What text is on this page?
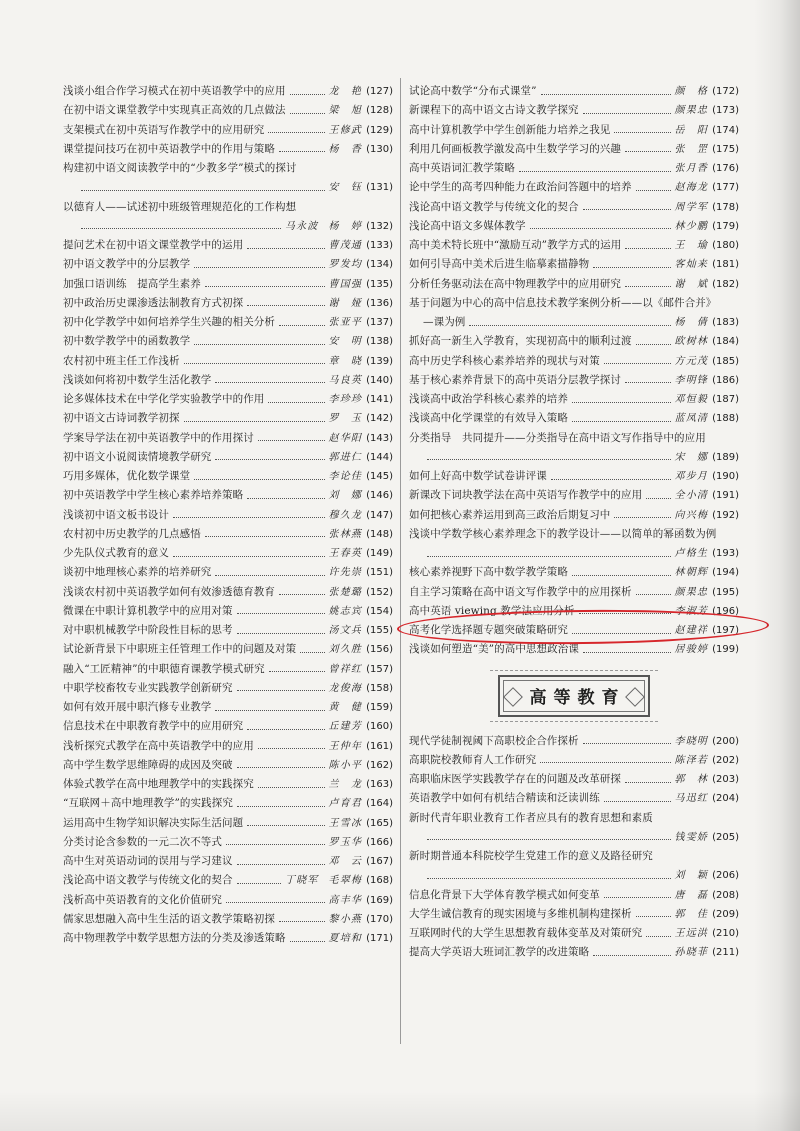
浅谈小组合作学习模式在初中英语教学中的应用	龙　艳 (127)
在初中语文课堂教学中实现真正高效的几点做法	梁　旭 (128)
支架模式在初中英语写作教学中的应用研究	王修武 (129)
课堂提问技巧在初中英语教学中的作用与策略	杨　香 (130)
构建初中语文阅读教学中的“少教多学”模式的探讨
安　钰 (131)
以德育人——试述初中班级管理规范化的工作构想
马永波 杨　婷 (132)
提问艺术在初中语文课堂教学中的运用	曹茂通 (133)
初中语文教学中的分层教学	罗发均 (134)
加强口语训练　提高学生素养	曹国强 (135)
初中政治历史课渗透法制教育方式初探	谢　娅 (136)
初中化学教学中如何培养学生兴趣的相关分析	张亚平 (137)
初中数学教学中的函数教学	安　明 (138)
农村初中班主任工作浅析	章　晓 (139)
浅谈如何将初中数学生活化教学	马良英 (140)
论多媒体技术在中学化学实验教学中的作用	李珍珍 (141)
初中语文古诗词教学初探	罗　玉 (142)
学案导学法在初中英语教学中的作用探讨	赵华阳 (143)
初中语文小说阅读情境教学研究	郭进仁 (144)
巧用多媒体，优化数学课堂	李论佳 (145)
初中英语教学中学生核心素养培养策略	刘　娜 (146)
浅谈初中语文板书设计	穆久龙 (147)
农村初中历史教学的几点感悟	张林燕 (148)
少先队仪式教育的意义	王春英 (149)
谈初中地理核心素养的培养研究	许先崇 (151)
浅谈农村初中英语教学如何有效渗透德育教育	张楚璐 (152)
微课在中职计算机教学中的应用对策	姚志宾 (154)
对中职机械教学中阶段性目标的思考	汤文兵 (155)
试论新背景下中职班主任管理工作中的问题及对策	刘久胜 (156)
融入“工匠精神”的中职德育课教学模式研究	曾祥红 (157)
中职学校畜牧专业实践教学创新研究	龙俊海 (158)
如何有效开展中职汽修专业教学	黄　健 (159)
信息技术在中职教育教学中的应用研究	丘建芳 (160)
浅析探究式教学在高中英语教学中的应用	王仲年 (161)
高中学生数学思维障碍的成因及突破	陈小平 (162)
体验式教学在高中地理教学中的实践探究	兰　龙 (163)
“互联网＋高中地理教学”的实践探究	卢育君 (164)
运用高中生物学知识解决实际生活问题	王雪冰 (165)
分类讨论含参数的一元二次不等式	罗玉华 (166)
高中生对英语动词的误用与学习建议	邓　云 (167)
浅论高中语文教学与传统文化的契合	丁晓军 毛翠梅 (168)
浅析高中英语教育的文化价值研究	高丰华 (169)
儒家思想融入高中生生活的语文教学策略初探	黎小燕 (170)
高中物理教学中数学思想方法的分类及渗透策略	夏培和 (171)
试论高中数学“分布式课堂”	颜　格 (172)
新课程下的高中语文古诗文教学探究	颜果忠 (173)
高中计算机教学中学生创新能力培养之我见	岳　阳 (174)
利用几何画板教学激发高中生数学学习的兴趣	张　罡 (175)
高中英语词汇教学策略	张月香 (176)
论中学生的高考四种能力在政治问答题中的培养	赵海龙 (177)
浅论高中语文教学与传统文化的契合	周学军 (178)
浅论高中语文多媒体教学	林少鹏 (179)
高中美术特长班中“激励互动”教学方式的运用	王　瑜 (180)
如何引导高中美术后进生临摹素描静物	客灿来 (181)
分析任务驱动法在高中物理教学中的应用研究	谢　斌 (182)
基于问题为中心的高中信息技术教学案例分析——以《邮件合并》
—课为例	杨　倩 (183)
抓好高一新生入学教育，实现初高中的顺利过渡	欧树林 (184)
高中历史学科核心素养培养的现状与对策	方元茂 (185)
基于核心素养背景下的高中英语分层教学探讨	李明锋 (186)
浅谈高中政治学科核心素养的培养	邓恒毅 (187)
浅谈高中化学课堂的有效导入策略	蓝凤清 (188)
分类指导　共同提升——分类指导在高中语文写作指导中的应用
宋　娜 (189)
如何上好高中数学试卷讲评课	邓步月 (190)
新课改下词块教学法在高中英语写作教学中的应用	全小清 (191)
如何把核心素养运用到高三政治后期复习中	向兴梅 (192)
浅谈中学数学核心素养理念下的教学设计——以简单的幂函数为例
卢格生 (193)
核心素养视野下高中数学教学策略	林朝辉 (194)
自主学习策略在高中语文写作教学中的应用探析	颜果忠 (195)
高中英语 viewing 教学法应用分析	李淑芳 (196)
高考化学选择题专题突破策略研究	赵建祥 (197)
浅谈如何塑造“美”的高中思想政治课	居骏婷 (199)
高等教育
现代学徒制视阈下高职校企合作探析	李晓明 (200)
高职院校教师育人工作研究	陈泽若 (202)
高职临床医学实践教学存在的问题及改革研探	郭　林 (203)
英语教学中如何有机结合精读和泛读训练	马迅红 (204)
新时代青年职业教育工作者应具有的教育思想和素质
钱雯娇 (205)
新时期普通本科院校学生党建工作的意义及路径研究
刘　颖 (206)
信息化背景下大学体育教学模式如何变革	唐　磊 (208)
大学生诚信教育的现实困境与多维机制构建探析	郭　佳 (209)
互联网时代的大学生思想教育载体变革及对策研究	王远洪 (210)
提高大学英语大班词汇教学的改进策略	孙晓菲 (211)
